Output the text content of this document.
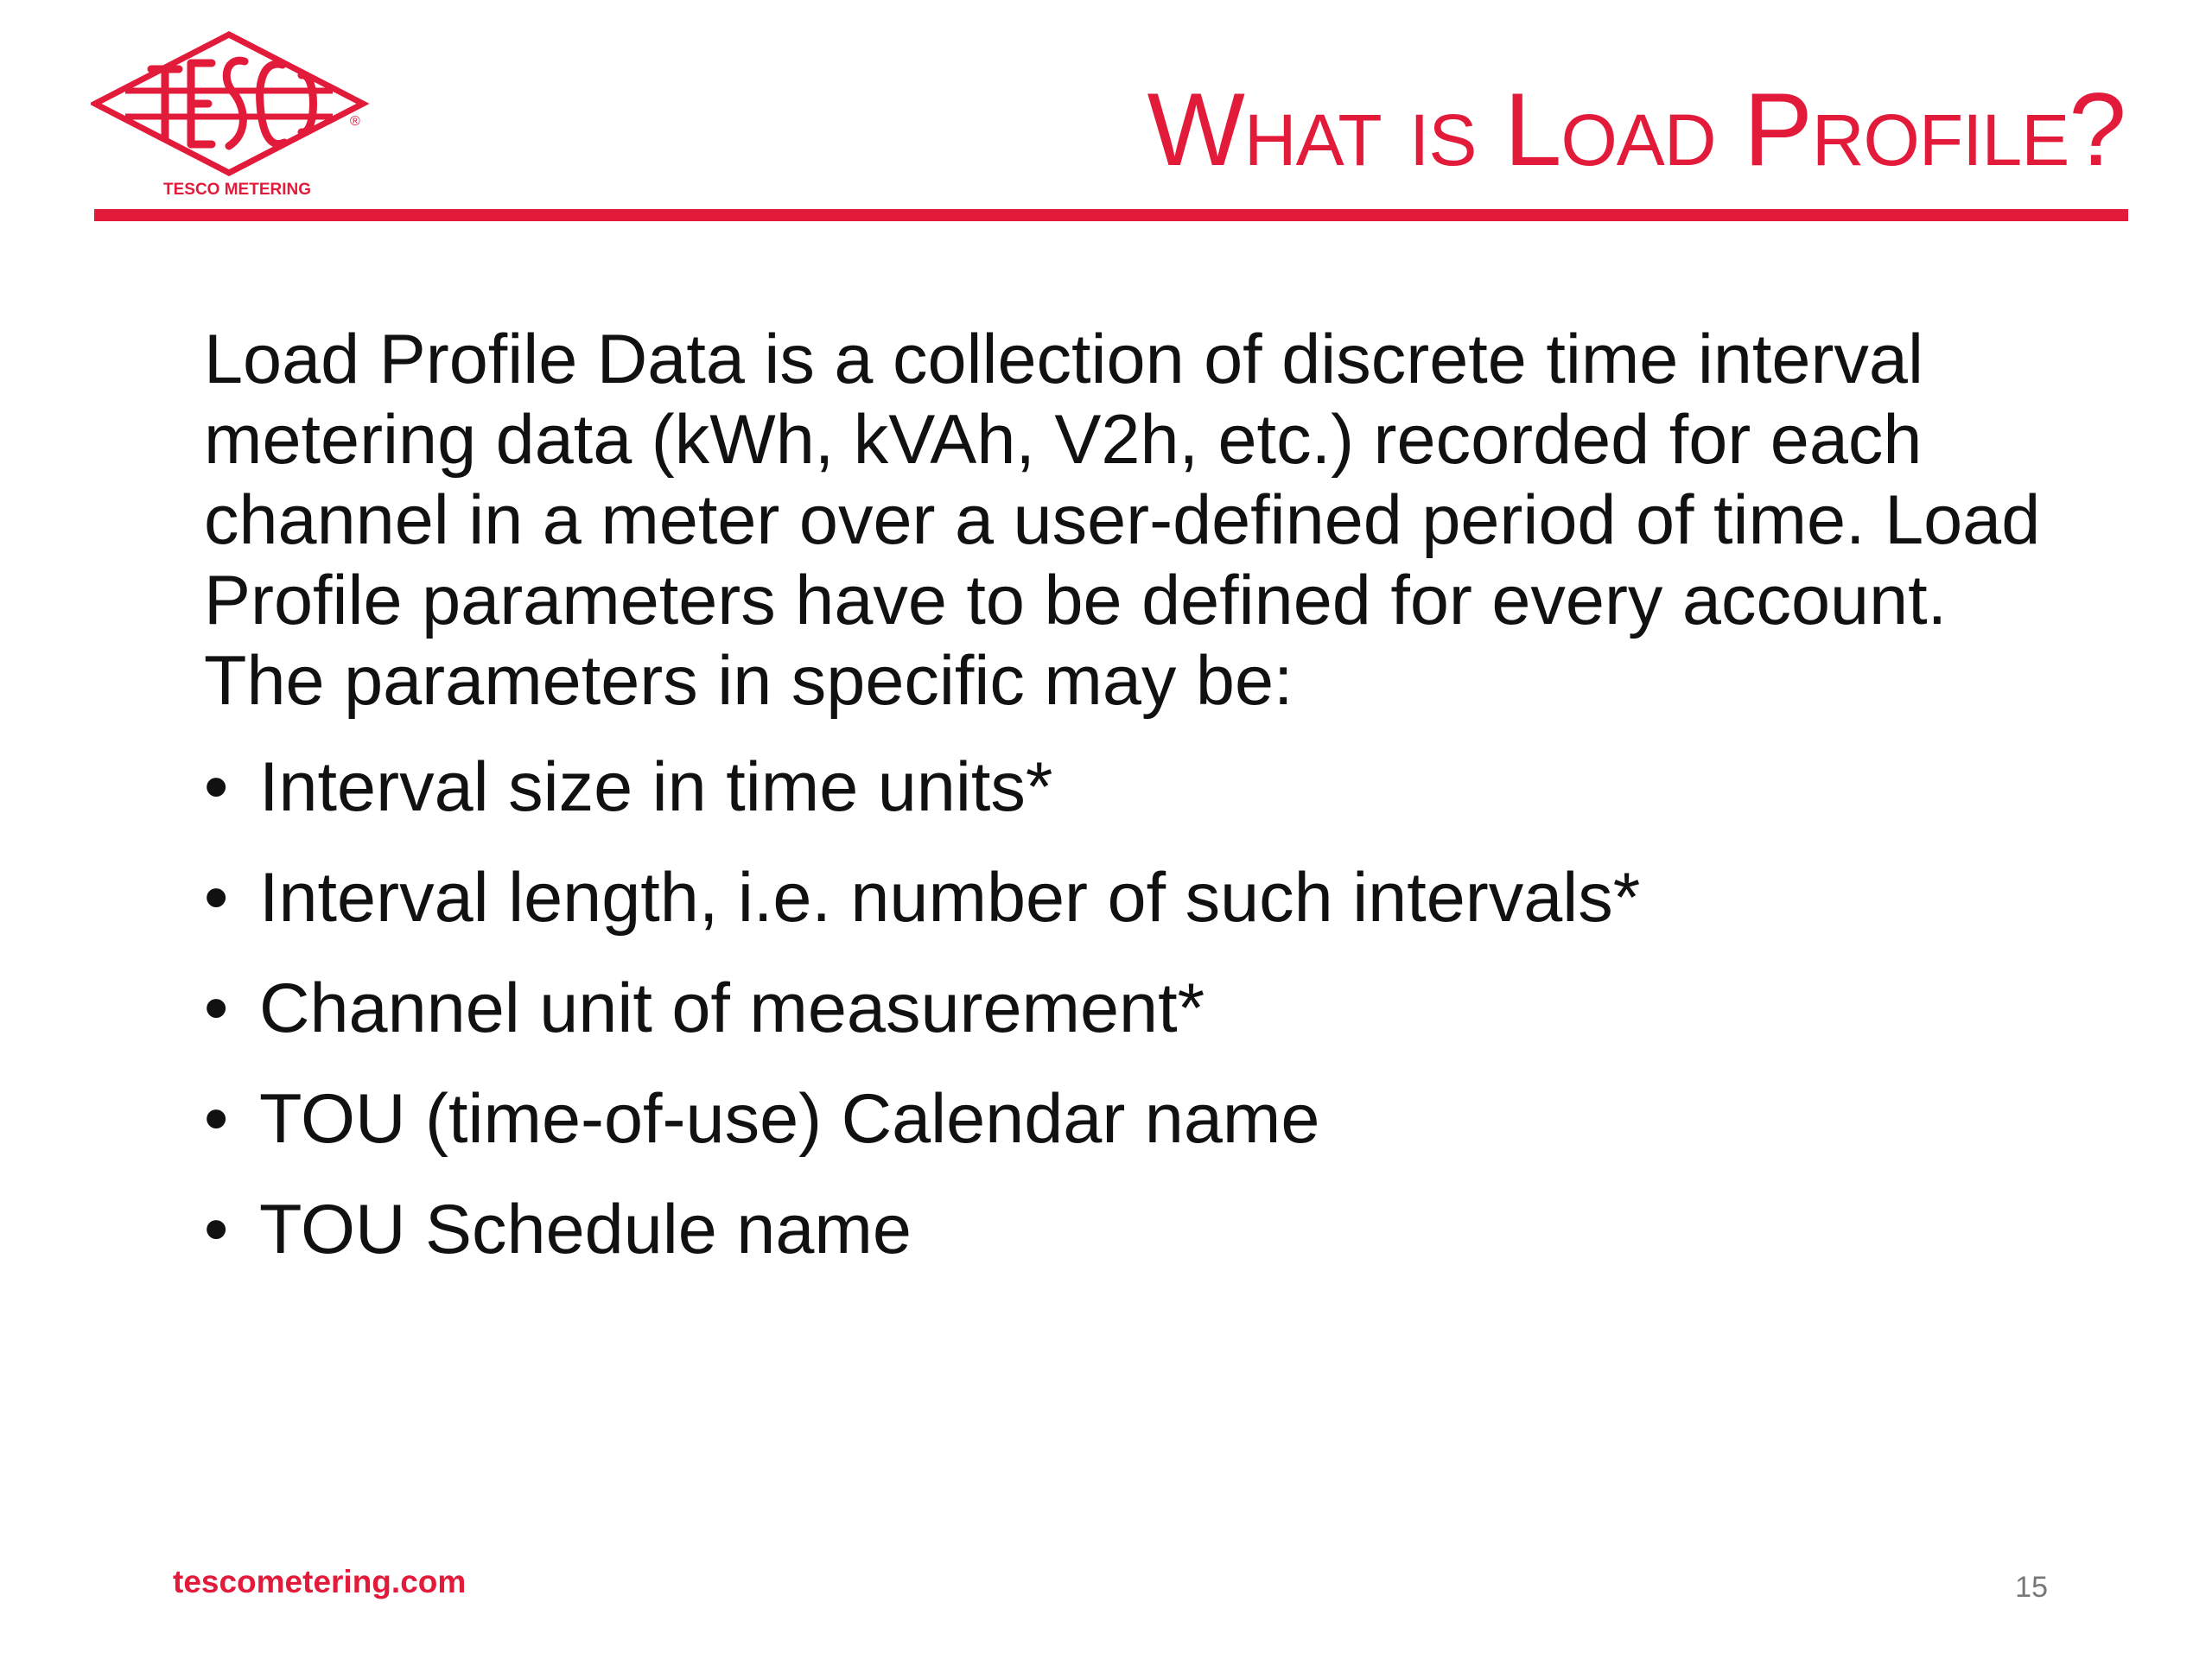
®
TESCO METERING
What is Load Profile?

Load Profile Data is a collection of discrete time interval metering data (kWh, kVAh, V2h, etc.) recorded for each channel in a meter over a user-defined period of time. Load Profile parameters have to be defined for every account. The parameters in specific may be:

• Interval size in time units*
• Interval length, i.e. number of such intervals*
• Channel unit of measurement*
• TOU (time-of-use) Calendar name
• TOU Schedule name
tescometering.com	15
